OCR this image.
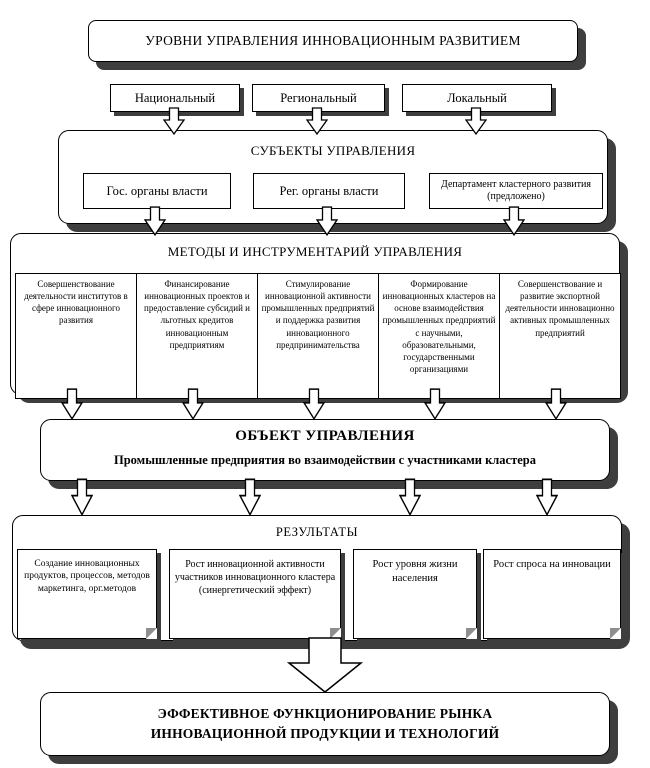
УРОВНИ УПРАВЛЕНИЯ ИННОВАЦИОННЫМ РАЗВИТИЕМ
Национальный	Региональный	Локальный
СУБЪЕКТЫ УПРАВЛЕНИЯ
Гос. органы власти	Рег. органы власти	Департамент кластерного развития (предложено)
МЕТОДЫ И ИНСТРУМЕНТАРИЙ УПРАВЛЕНИЯ
Совершенствование деятельности институтов в сфере инновационного развития
Финансирование инновационных проектов и предоставление субсидий и льготных кредитов инновационным предприятиям
Стимулирование инновационной активности промышленных предприятий и поддержка развития инновационного предпринимательства
Формирование инновационных кластеров на основе взаимодействия промышленных предприятий с научными, образовательными, государственными организациями
Совершенствование и развитие экспортной деятельности инновационно активных промышленных предприятий
ОБЪЕКТ УПРАВЛЕНИЯ
Промышленные предприятия во взаимодействии с участниками кластера
РЕЗУЛЬТАТЫ
Создание инновационных продуктов, процессов, методов маркетинга, орг.методов
Рост инновационной активности участников инновационного кластера (синергетический эффект)
Рост уровня жизни населения
Рост спроса на инновации
ЭФФЕКТИВНОЕ ФУНКЦИОНИРОВАНИЕ РЫНКА ИННОВАЦИОННОЙ ПРОДУКЦИИ И ТЕХНОЛОГИЙ
